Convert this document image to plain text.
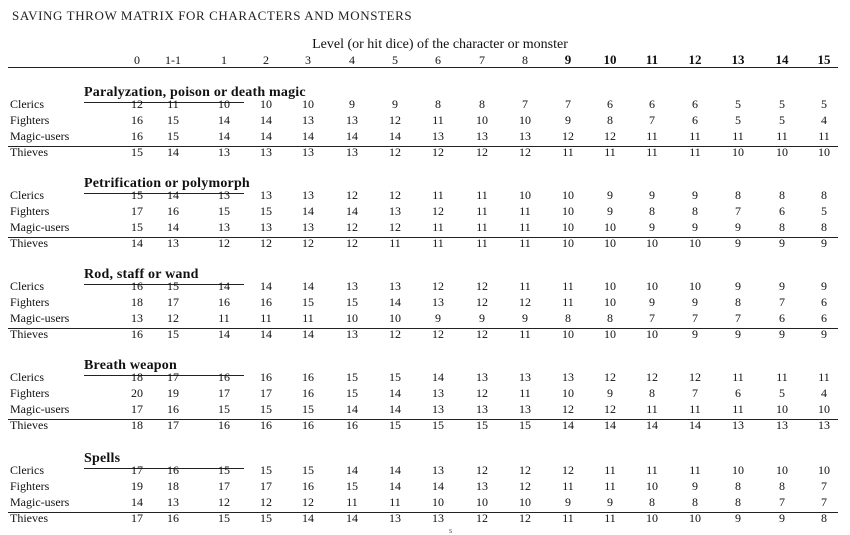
SAVING THROW MATRIX FOR CHARACTERS AND MONSTERS
Level (or hit dice) of the character or monster
0	1-1	1	2	3	4	5	6	7	8	9	10	11	12	13	14	15
Paralyzation, poison or death magic
Clerics	12	11	10	10	10	9	9	8	8	7	7	6	6	6	5	5	5
Fighters	16	15	14	14	13	13	12	11	10	10	9	8	7	6	5	5	4
Magic-users	16	15	14	14	14	14	14	13	13	13	12	12	11	11	11	11	11
Thieves	15	14	13	13	13	13	12	12	12	12	11	11	11	11	10	10	10
Petrification or polymorph
Clerics	15	14	13	13	13	12	12	11	11	10	10	9	9	9	8	8	8
Fighters	17	16	15	15	14	14	13	12	11	11	10	9	8	8	7	6	5
Magic-users	15	14	13	13	13	12	12	11	11	11	10	10	9	9	9	8	8
Thieves	14	13	12	12	12	12	11	11	11	11	10	10	10	10	9	9	9
Rod, staff or wand
Clerics	16	15	14	14	14	13	13	12	12	11	11	10	10	10	9	9	9
Fighters	18	17	16	16	15	15	14	13	12	12	11	10	9	9	8	7	6
Magic-users	13	12	11	11	11	10	10	9	9	9	8	8	7	7	7	6	6
Thieves	16	15	14	14	14	13	12	12	12	11	10	10	10	9	9	9	9
Breath weapon
Clerics	18	17	16	16	16	15	15	14	13	13	13	12	12	12	11	11	11
Fighters	20	19	17	17	16	15	14	13	12	11	10	9	8	7	6	5	4
Magic-users	17	16	15	15	15	14	14	13	13	13	12	12	11	11	11	10	10
Thieves	18	17	16	16	16	16	15	15	15	15	14	14	14	14	13	13	13
Spells
Clerics	17	16	15	15	15	14	14	13	12	12	12	11	11	11	10	10	10
Fighters	19	18	17	17	16	15	14	14	13	12	11	11	10	9	8	8	7
Magic-users	14	13	12	12	12	11	11	10	10	10	9	9	8	8	8	7	7
Thieves	17	16	15	15	14	14	13	13	12	12	11	11	10	10	9	9	8
s
